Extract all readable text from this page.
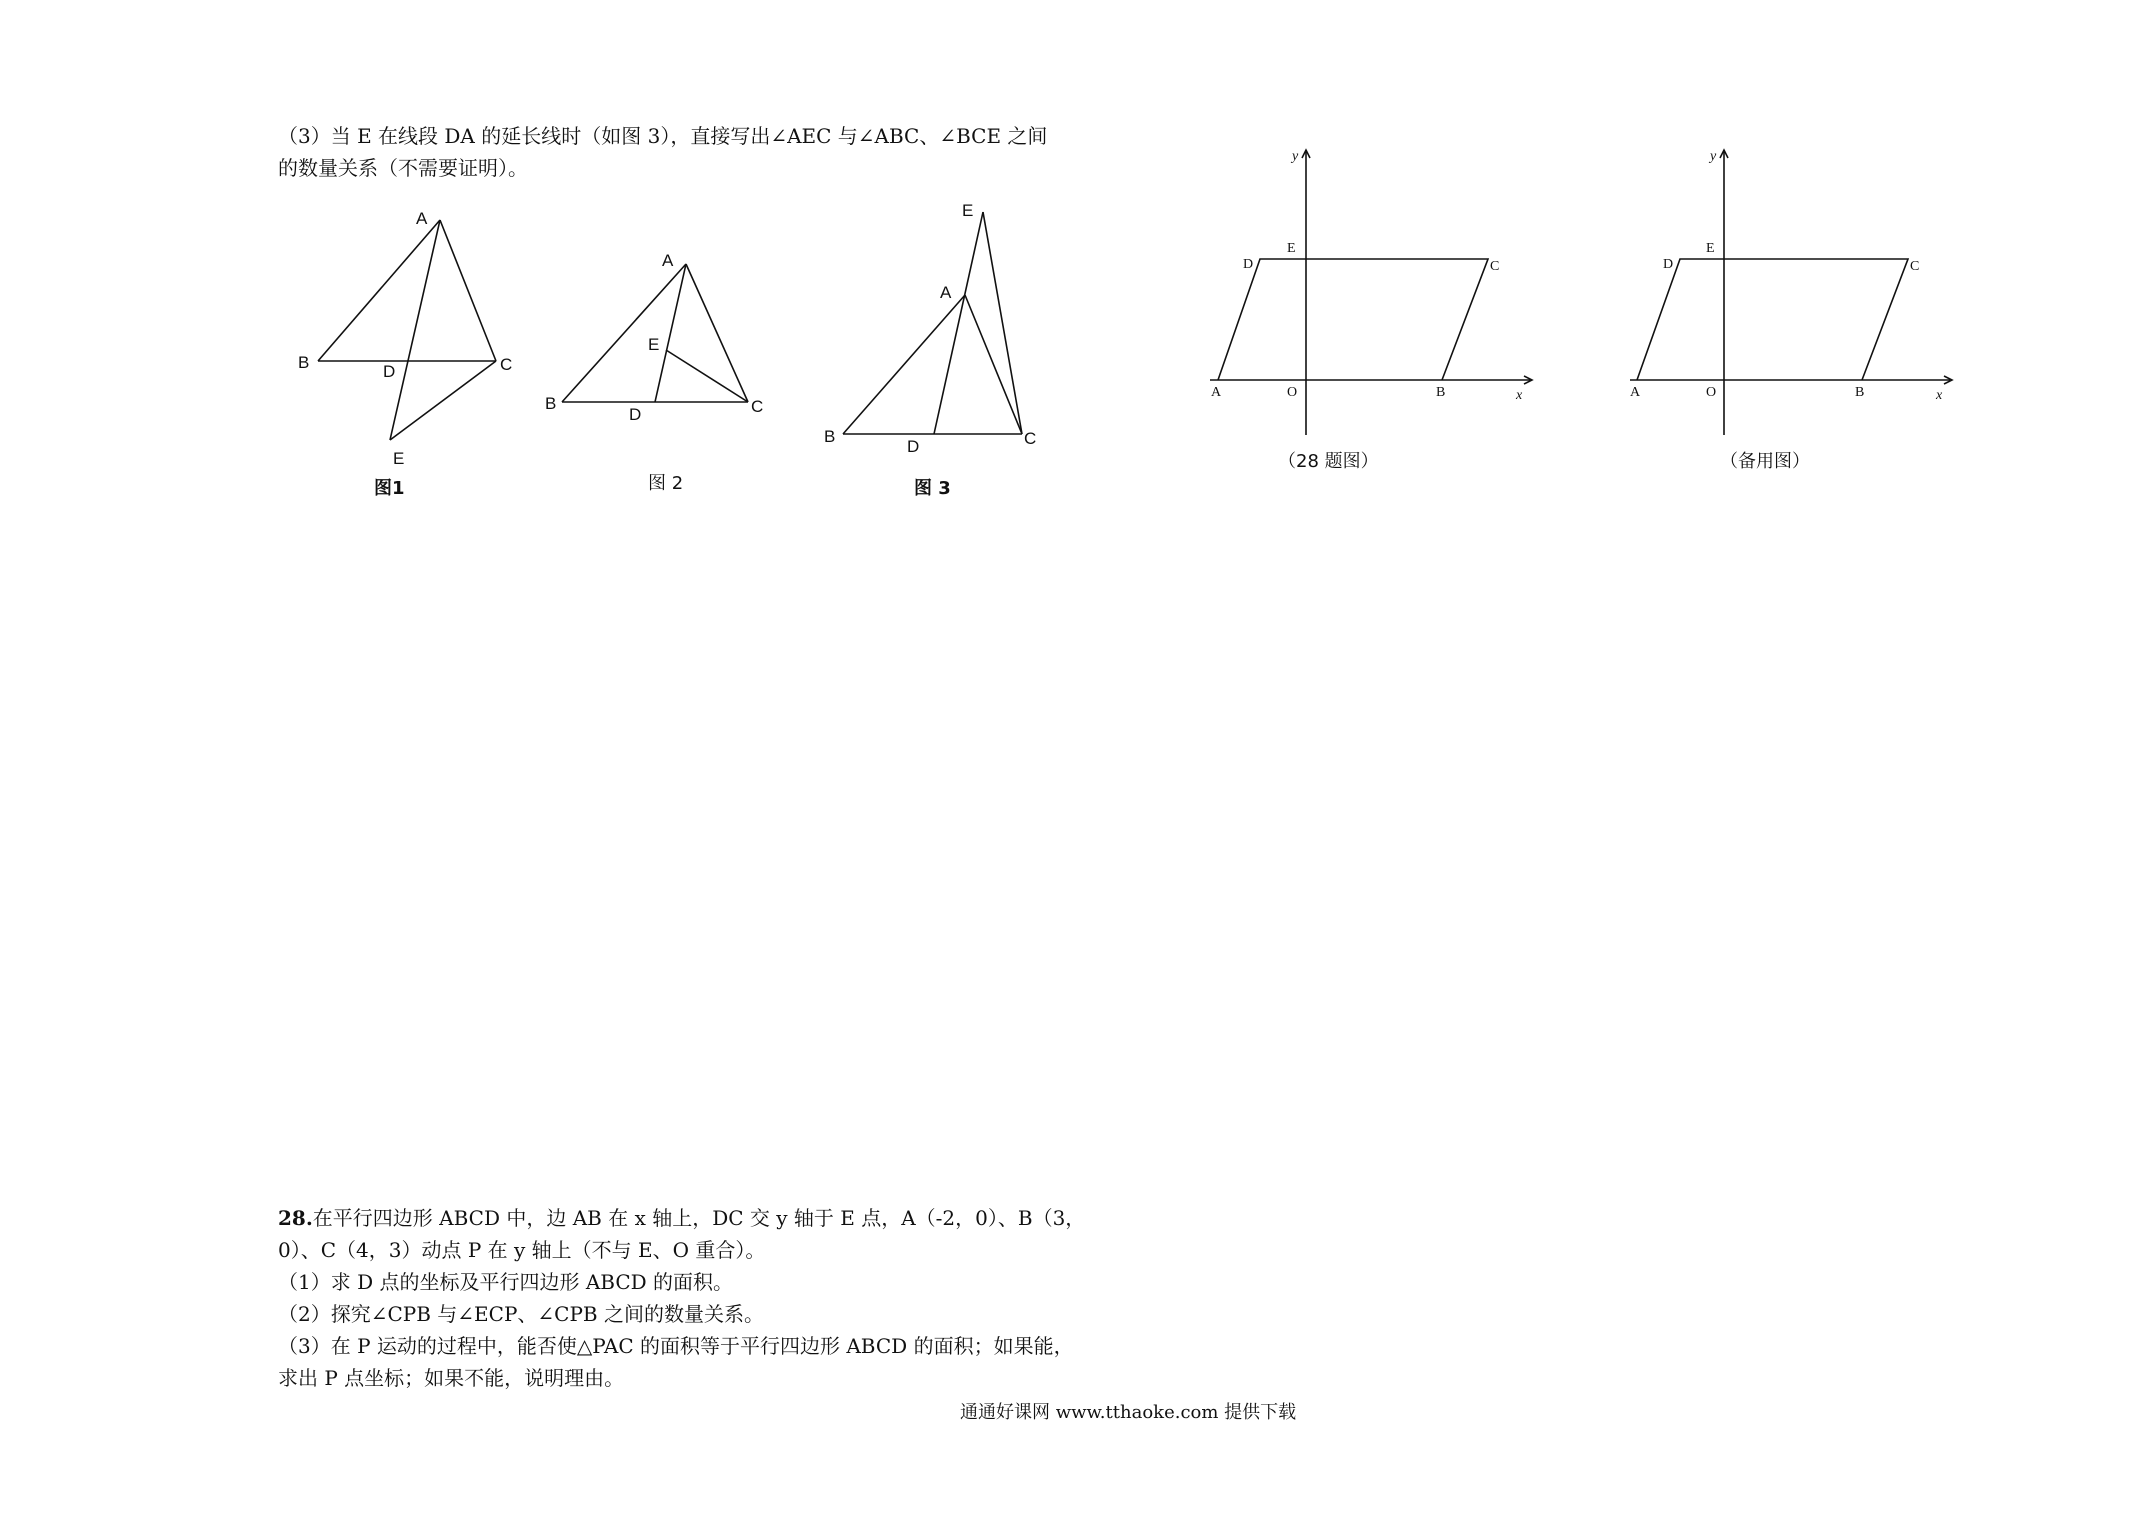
（3）当 E 在线段 DA 的延长线时（如图 3），直接写出∠AEC 与∠ABC、∠BCE 之间
的数量关系（不需要证明）。
A
B	C
D
E
图1
A
B	C
D
E
图 2
A
B	C
D
E
图 3
A	B
C
D
E
O	x
y
（28 题图）
A	B
C
D
E
O	x
y
（备用图）
28.在平行四边形 ABCD 中，边 AB 在 x 轴上，DC 交 y 轴于 E 点，A（-2，0）、B（3，
0）、C（4，3）动点 P 在 y 轴上（不与 E、O 重合）。
（1）求 D 点的坐标及平行四边形 ABCD 的面积。
（2）探究∠CPB 与∠ECP、∠CPB 之间的数量关系。
（3）在 P 运动的过程中，能否使△PAC 的面积等于平行四边形 ABCD 的面积；如果能，
求出 P 点坐标；如果不能，说明理由。
通通好课网 www.tthaoke.com 提供下载
